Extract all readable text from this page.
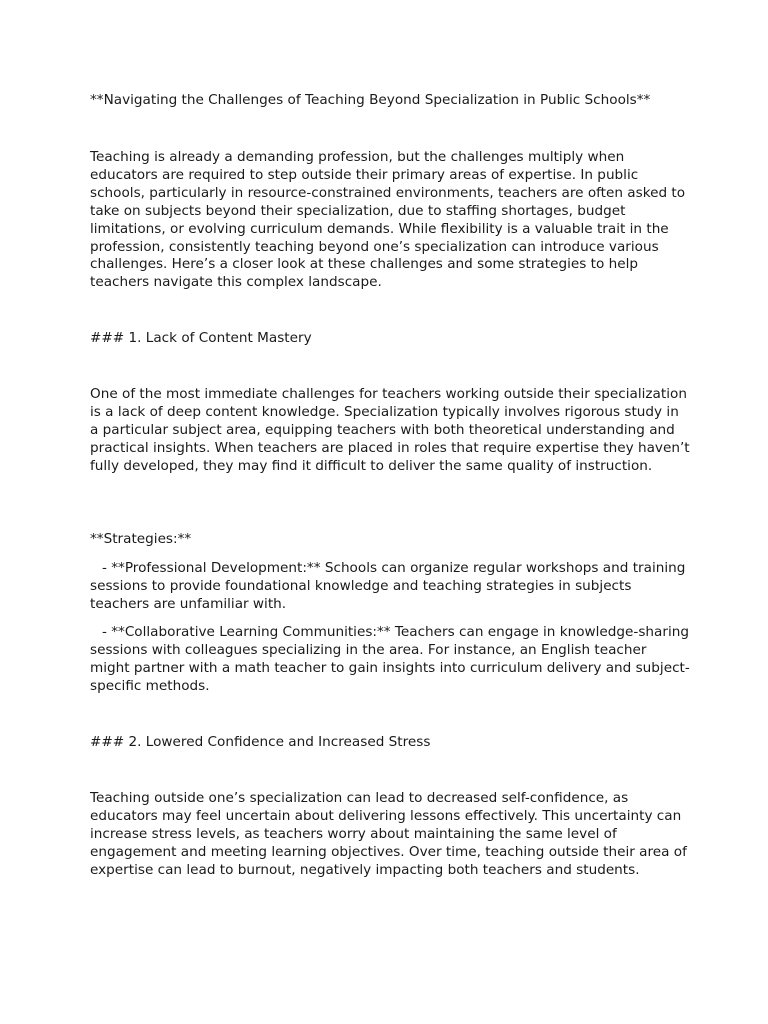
**Navigating the Challenges of Teaching Beyond Specialization in Public Schools**

Teaching is already a demanding profession, but the challenges multiply when educators are required to step outside their primary areas of expertise. In public schools, particularly in resource-constrained environments, teachers are often asked to take on subjects beyond their specialization, due to staffing shortages, budget limitations, or evolving curriculum demands. While flexibility is a valuable trait in the profession, consistently teaching beyond one’s specialization can introduce various challenges. Here’s a closer look at these challenges and some strategies to help teachers navigate this complex landscape.

### 1. Lack of Content Mastery

One of the most immediate challenges for teachers working outside their specialization is a lack of deep content knowledge. Specialization typically involves rigorous study in a particular subject area, equipping teachers with both theoretical understanding and practical insights. When teachers are placed in roles that require expertise they haven’t fully developed, they may find it difficult to deliver the same quality of instruction.

**Strategies:**

- **Professional Development:** Schools can organize regular workshops and training sessions to provide foundational knowledge and teaching strategies in subjects teachers are unfamiliar with.

- **Collaborative Learning Communities:** Teachers can engage in knowledge-sharing sessions with colleagues specializing in the area. For instance, an English teacher might partner with a math teacher to gain insights into curriculum delivery and subject-specific methods.

### 2. Lowered Confidence and Increased Stress

Teaching outside one’s specialization can lead to decreased self-confidence, as educators may feel uncertain about delivering lessons effectively. This uncertainty can increase stress levels, as teachers worry about maintaining the same level of engagement and meeting learning objectives. Over time, teaching outside their area of expertise can lead to burnout, negatively impacting both teachers and students.
